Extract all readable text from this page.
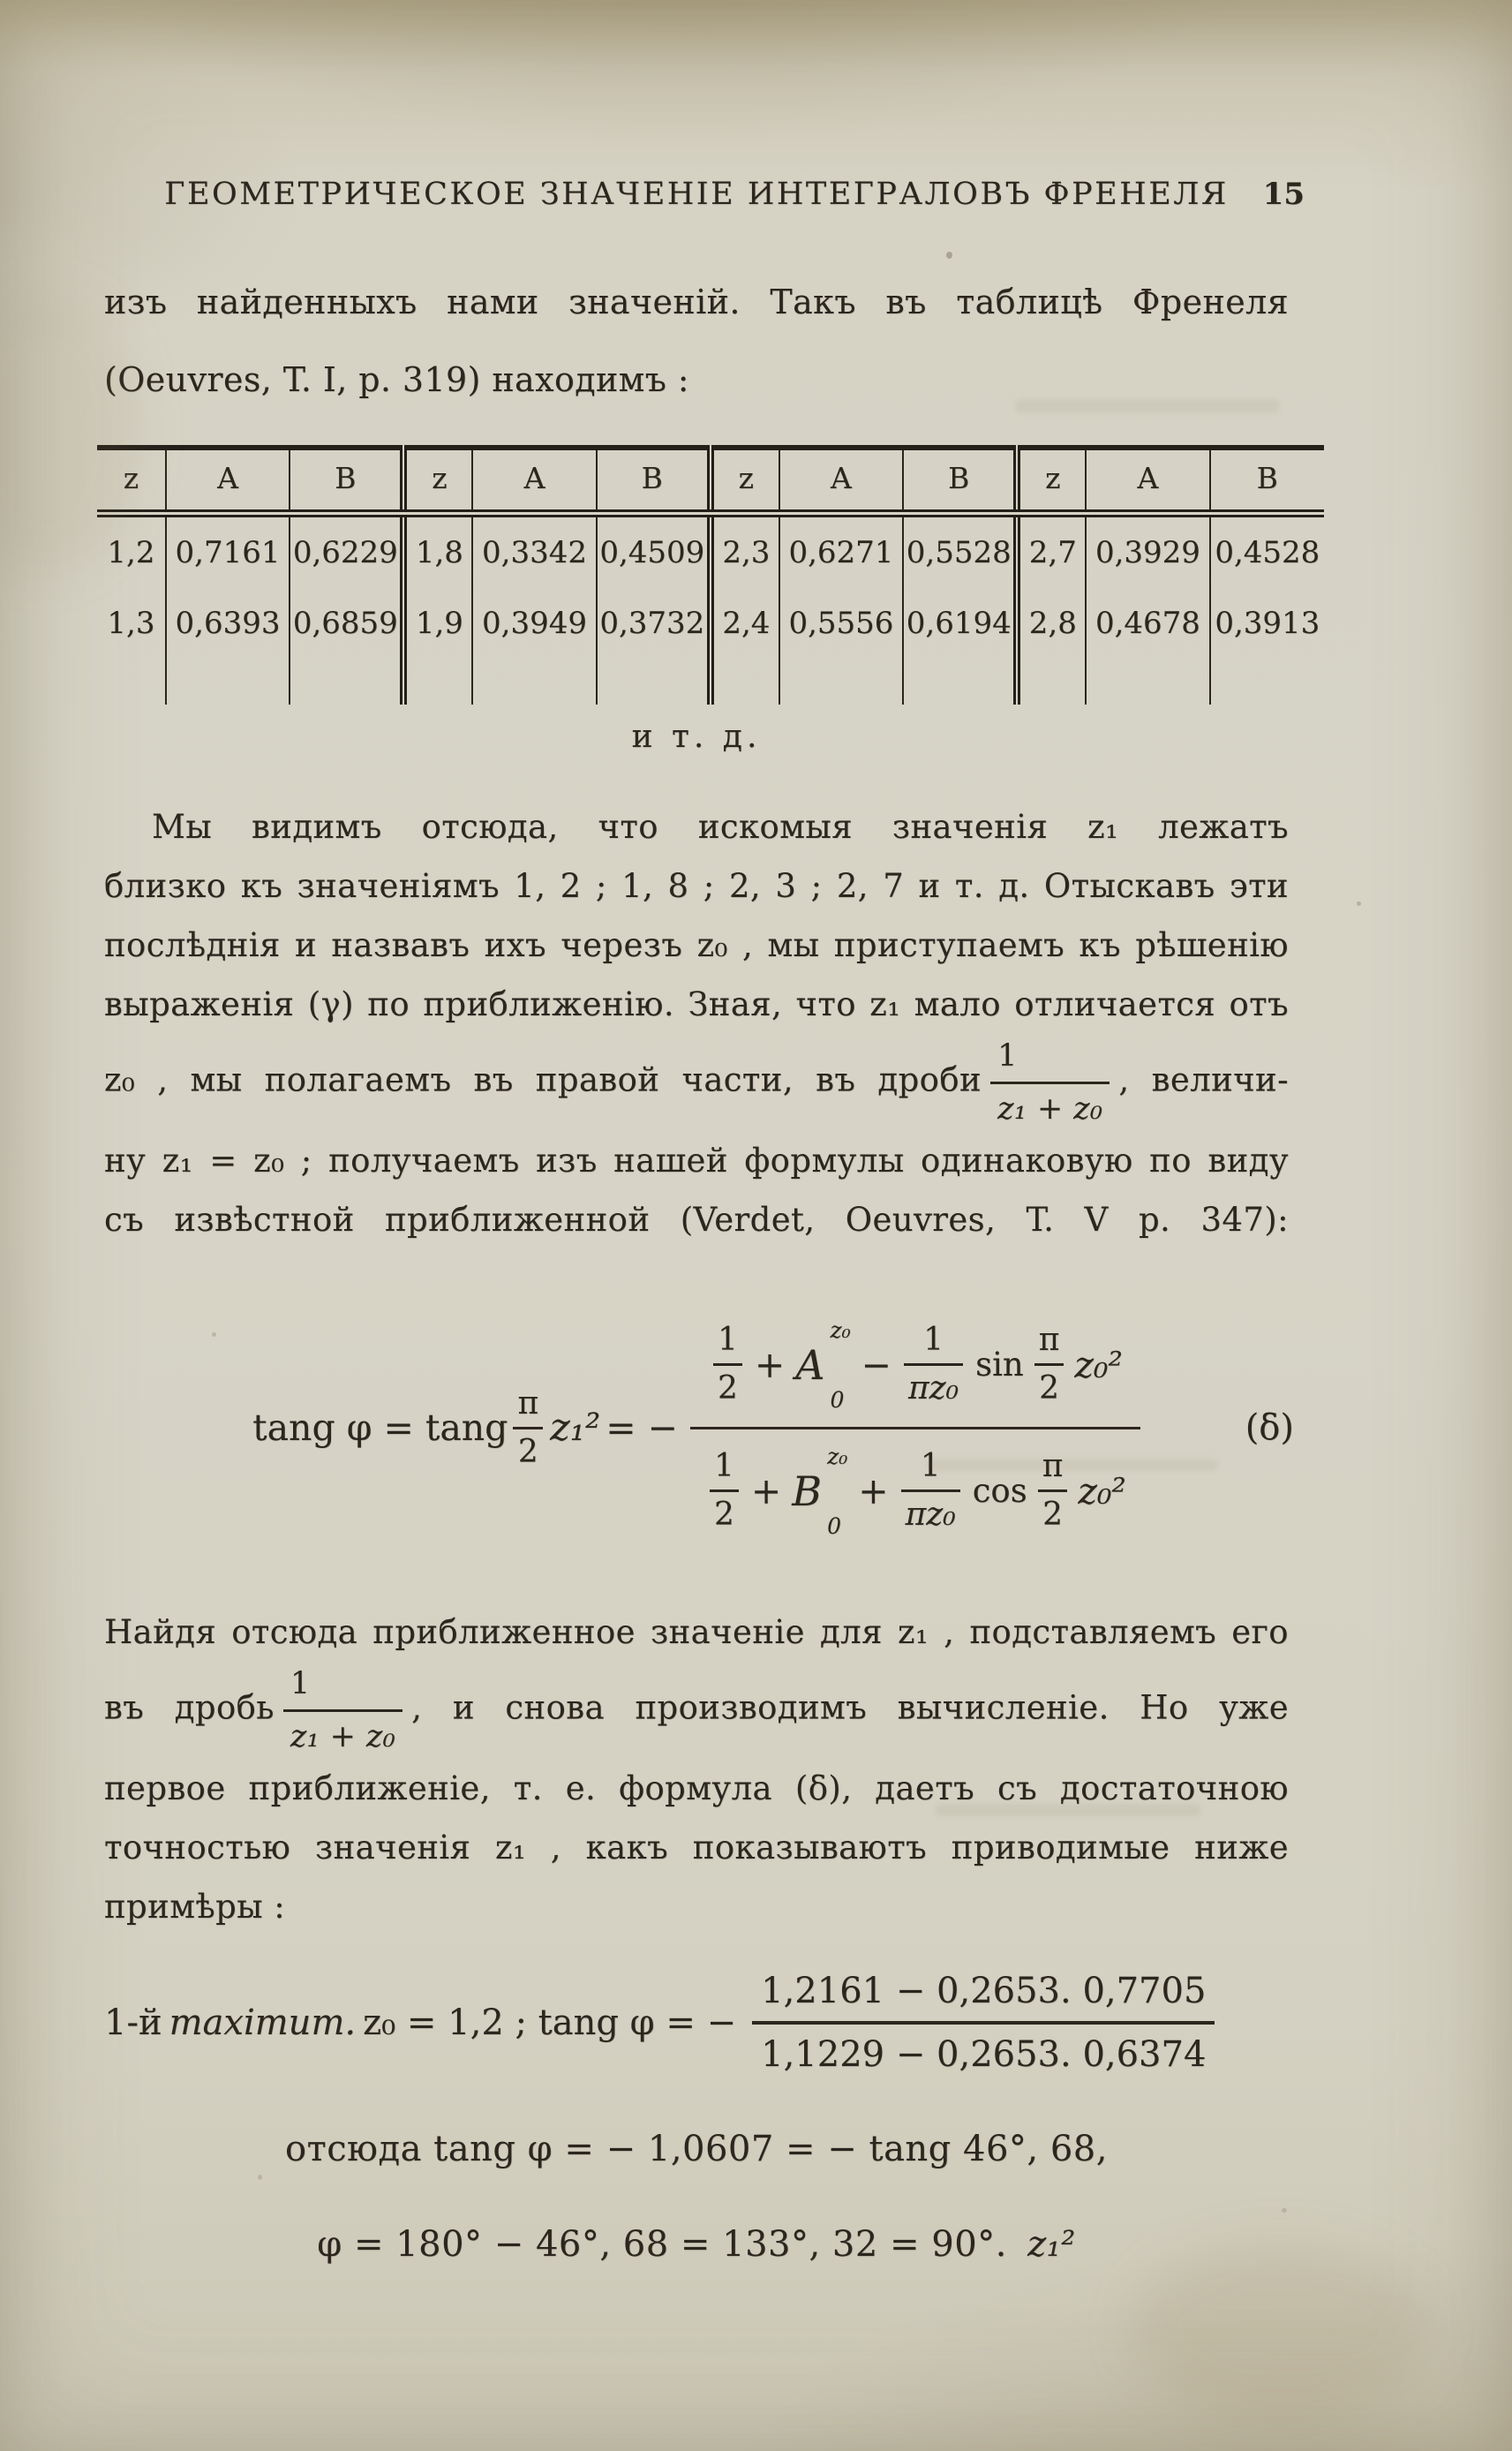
ГЕОМЕТРИЧЕСКОЕ ЗНАЧЕНІЕ ИНТЕГРАЛОВЪ ФРЕНЕЛЯ	15
изъ найденныхъ нами значеній. Такъ въ таблицѣ Френеля
(Oeuvres, T. I, p. 319) находимъ :
z	A	B	z	A	B	z	A	B	z	A	B
1,2	0,7161	0,6229	1,8	0,3342	0,4509	2,3	0,6271	0,5528	2,7	0,3929	0,4528
1,3	0,6393	0,6859	1,9	0,3949	0,3732	2,4	0,5556	0,6194	2,8	0,4678	0,3913

и т. д.
Мы видимъ отсюда, что искомыя значенія z₁ лежатъ
близко къ значеніямъ 1, 2 ; 1, 8 ; 2, 3 ; 2, 7 и т. д. Отыскавъ эти
послѣднія и назвавъ ихъ черезъ z₀ , мы приступаемъ къ рѣшенію
выраженія (γ) по приближенію. Зная, что z₁ мало отличается отъ
z₀ , мы полагаемъ въ правой части, въ дроби $\frac{1}{\text{z₁ + z₀}}$ , величи-
ну z₁ = z₀ ; получаемъ изъ нашей формулы одинаковую по виду
съ извѣстной приближенной (Verdet, Oeuvres, T. V p. 347):
tang φ = tang
π
2
z₁² = −
1
2
+ A
z₀
0
− $\frac{1}{\text{πz₀}}$ sin
π
2
z₀²
1
2
+ B
z₀
0
+ $\frac{1}{\text{πz₀}}$ cos
π
2
z₀²
(δ)
Найдя отсюда приближенное значеніе для z₁ , подставляемъ его
въ дробь $\frac{1}{\text{z₁ + z₀}}$ , и снова производимъ вычисленіе. Но уже
первое приближеніе, т. е. формула (δ), даетъ съ достаточною
точностью значенія z₁ , какъ показываютъ приводимые ниже
примѣры :
1-й maximum. z₀ = 1,2 ; tang φ = − $\frac{1,2161 - 0,2653. 0,7705}{1,1229 - 0,2653. 0,6374}$
отсюда tang φ = − 1,0607 = − tang 46°, 68,
φ = 180° − 46°, 68 = 133°, 32 = 90°. z₁²
